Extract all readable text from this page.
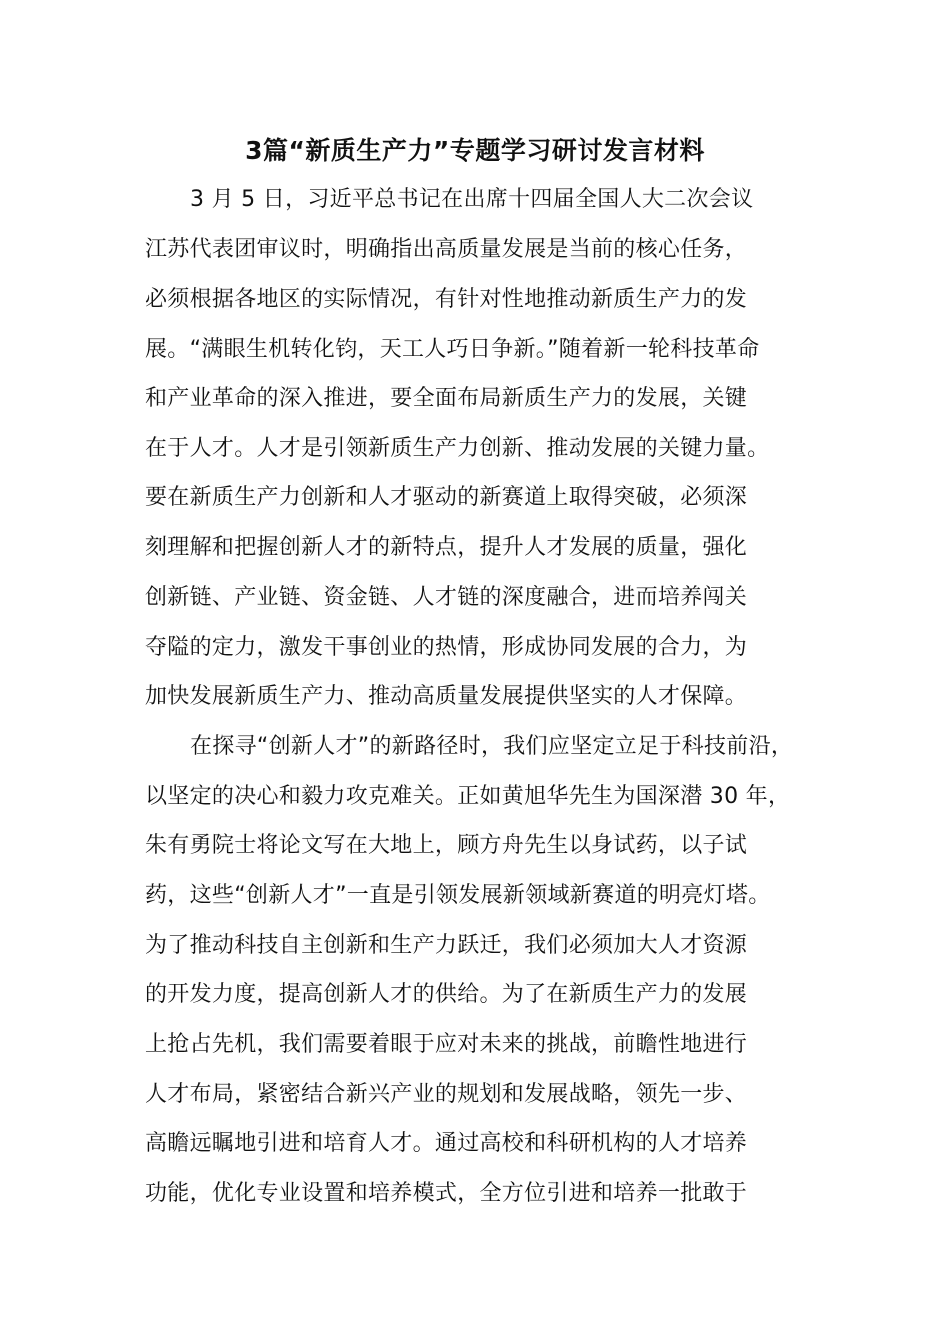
3篇“新质生产力”专题学习研讨发言材料
3 月 5 日，习近平总书记在出席十四届全国人大二次会议
江苏代表团审议时，明确指出高质量发展是当前的核心任务，
必须根据各地区的实际情况，有针对性地推动新质生产力的发
展。“满眼生机转化钧，天工人巧日争新。”随着新一轮科技革命
和产业革命的深入推进，要全面布局新质生产力的发展，关键
在于人才。人才是引领新质生产力创新、推动发展的关键力量。
要在新质生产力创新和人才驱动的新赛道上取得突破，必须深
刻理解和把握创新人才的新特点，提升人才发展的质量，强化
创新链、产业链、资金链、人才链的深度融合，进而培养闯关
夺隘的定力，激发干事创业的热情，形成协同发展的合力，为
加快发展新质生产力、推动高质量发展提供坚实的人才保障。
在探寻“创新人才”的新路径时，我们应坚定立足于科技前沿，
以坚定的决心和毅力攻克难关。正如黄旭华先生为国深潜 30 年，
朱有勇院士将论文写在大地上，顾方舟先生以身试药，以子试
药，这些“创新人才”一直是引领发展新领域新赛道的明亮灯塔。
为了推动科技自主创新和生产力跃迁，我们必须加大人才资源
的开发力度，提高创新人才的供给。为了在新质生产力的发展
上抢占先机，我们需要着眼于应对未来的挑战，前瞻性地进行
人才布局，紧密结合新兴产业的规划和发展战略，领先一步、
高瞻远瞩地引进和培育人才。通过高校和科研机构的人才培养
功能，优化专业设置和培养模式，全方位引进和培养一批敢于
